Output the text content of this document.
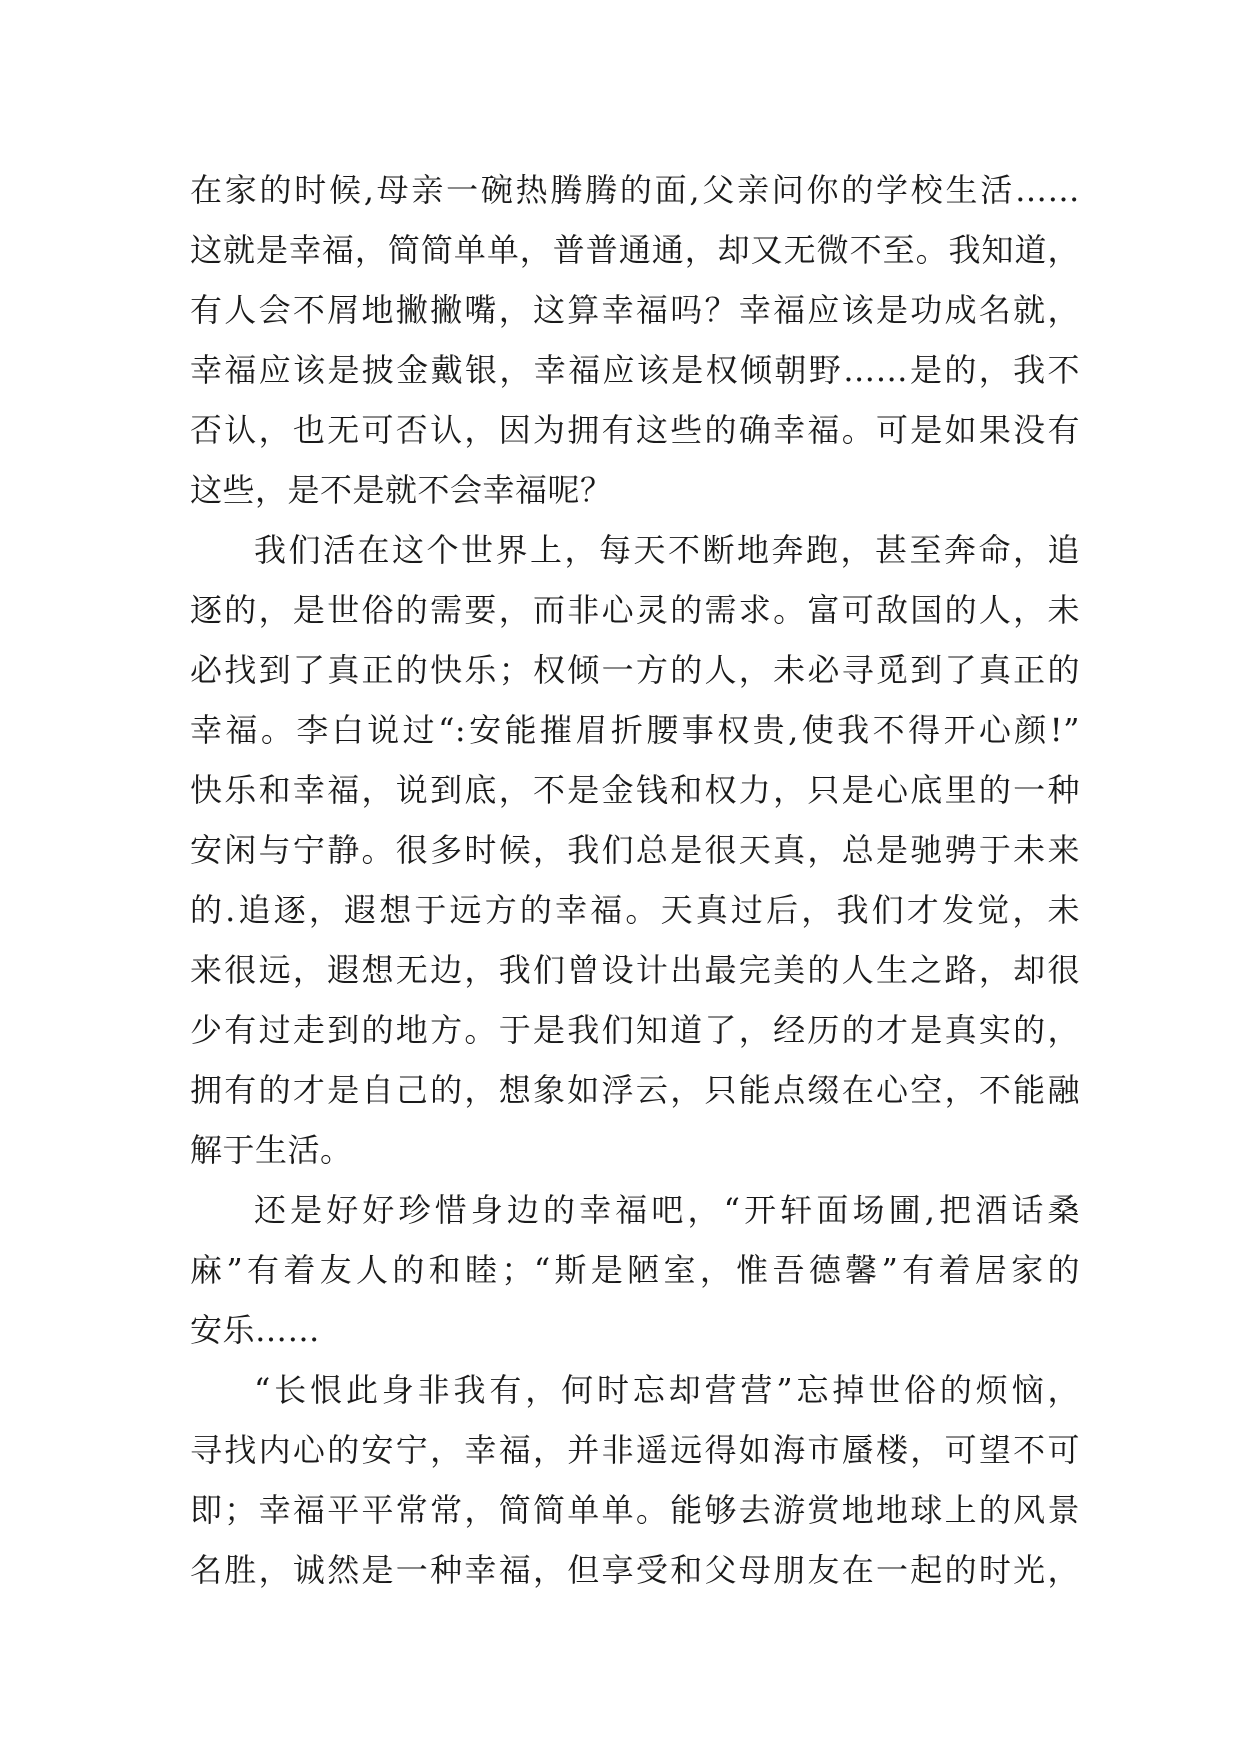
在家的时候,母亲一碗热腾腾的面,父亲问你的学校生活……
这就是幸福，简简单单，普普通通，却又无微不至。我知道，
有人会不屑地撇撇嘴，这算幸福吗？幸福应该是功成名就，
幸福应该是披金戴银，幸福应该是权倾朝野……是的，我不
否认，也无可否认，因为拥有这些的确幸福。可是如果没有
这些，是不是就不会幸福呢？
我们活在这个世界上，每天不断地奔跑，甚至奔命，追
逐的，是世俗的需要，而非心灵的需求。富可敌国的人，未
必找到了真正的快乐；权倾一方的人，未必寻觅到了真正的
幸福。李白说过“:安能摧眉折腰事权贵,使我不得开心颜!”
快乐和幸福，说到底，不是金钱和权力，只是心底里的一种
安闲与宁静。很多时候，我们总是很天真，总是驰骋于未来
的.追逐，遐想于远方的幸福。天真过后，我们才发觉，未
来很远，遐想无边，我们曾设计出最完美的人生之路，却很
少有过走到的地方。于是我们知道了，经历的才是真实的，
拥有的才是自己的，想象如浮云，只能点缀在心空，不能融
解于生活。
还是好好珍惜身边的幸福吧，“开轩面场圃,把酒话桑
麻”有着友人的和睦；“斯是陋室，惟吾德馨”有着居家的
安乐……
“长恨此身非我有，何时忘却营营”忘掉世俗的烦恼，
寻找内心的安宁，幸福，并非遥远得如海市蜃楼，可望不可
即；幸福平平常常，简简单单。能够去游赏地地球上的风景
名胜，诚然是一种幸福，但享受和父母朋友在一起的时光，
